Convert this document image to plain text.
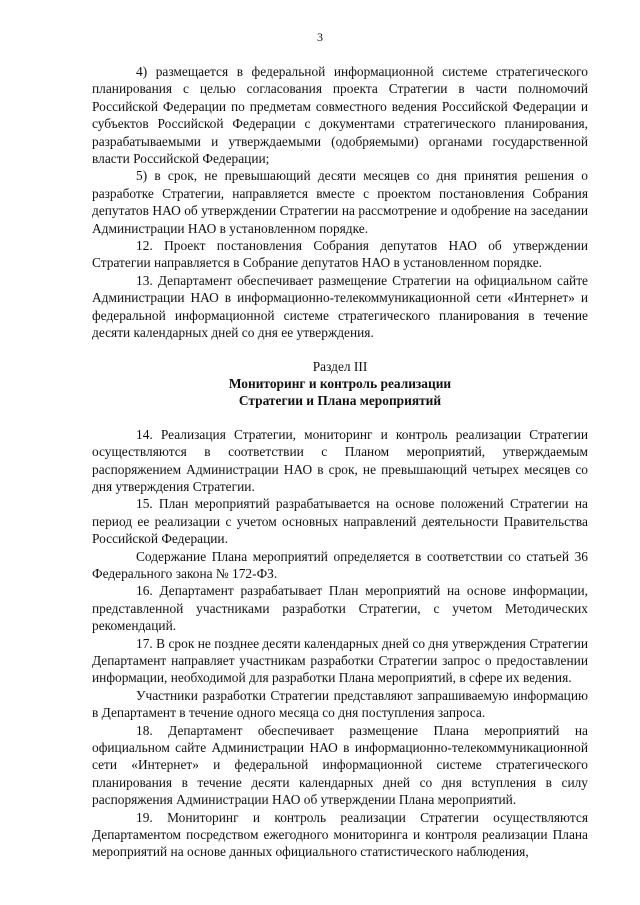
3

4) размещается в федеральной информационной системе стратегического планирования с целью согласования проекта Стратегии в части полномочий Российской Федерации по предметам совместного ведения Российской Федерации и субъектов Российской Федерации с документами стратегического планирования, разрабатываемыми и утверждаемыми (одобряемыми) органами государственной власти Российской Федерации;

5) в срок, не превышающий десяти месяцев со дня принятия решения о разработке Стратегии, направляется вместе с проектом постановления Собрания депутатов НАО об утверждении Стратегии на рассмотрение и одобрение на заседании Администрации НАО в установленном порядке.

12. Проект постановления Собрания депутатов НАО об утверждении Стратегии направляется в Собрание депутатов НАО в установленном порядке.

13. Департамент обеспечивает размещение Стратегии на официальном сайте Администрации НАО в информационно-телекоммуникационной сети «Интернет» и федеральной информационной системе стратегического планирования в течение десяти календарных дней со дня ее утверждения.

Раздел III
Мониторинг и контроль реализации
Стратегии и Плана мероприятий

14. Реализация Стратегии, мониторинг и контроль реализации Стратегии осуществляются в соответствии с Планом мероприятий, утверждаемым распоряжением Администрации НАО в срок, не превышающий четырех месяцев со дня утверждения Стратегии.

15. План мероприятий разрабатывается на основе положений Стратегии на период ее реализации с учетом основных направлений деятельности Правительства Российской Федерации.

Содержание Плана мероприятий определяется в соответствии со статьей 36 Федерального закона № 172-ФЗ.

16. Департамент разрабатывает План мероприятий на основе информации, представленной участниками разработки Стратегии, с учетом Методических рекомендаций.

17. В срок не позднее десяти календарных дней со дня утверждения Стратегии Департамент направляет участникам разработки Стратегии запрос о предоставлении информации, необходимой для разработки Плана мероприятий, в сфере их ведения.

Участники разработки Стратегии представляют запрашиваемую информацию в Департамент в течение одного месяца со дня поступления запроса.

18. Департамент обеспечивает размещение Плана мероприятий на официальном сайте Администрации НАО в информационно-телекоммуникационной сети «Интернет» и федеральной информационной системе стратегического планирования в течение десяти календарных дней со дня вступления в силу распоряжения Администрации НАО об утверждении Плана мероприятий.

19. Мониторинг и контроль реализации Стратегии осуществляются Департаментом посредством ежегодного мониторинга и контроля реализации Плана мероприятий на основе данных официального статистического наблюдения,
